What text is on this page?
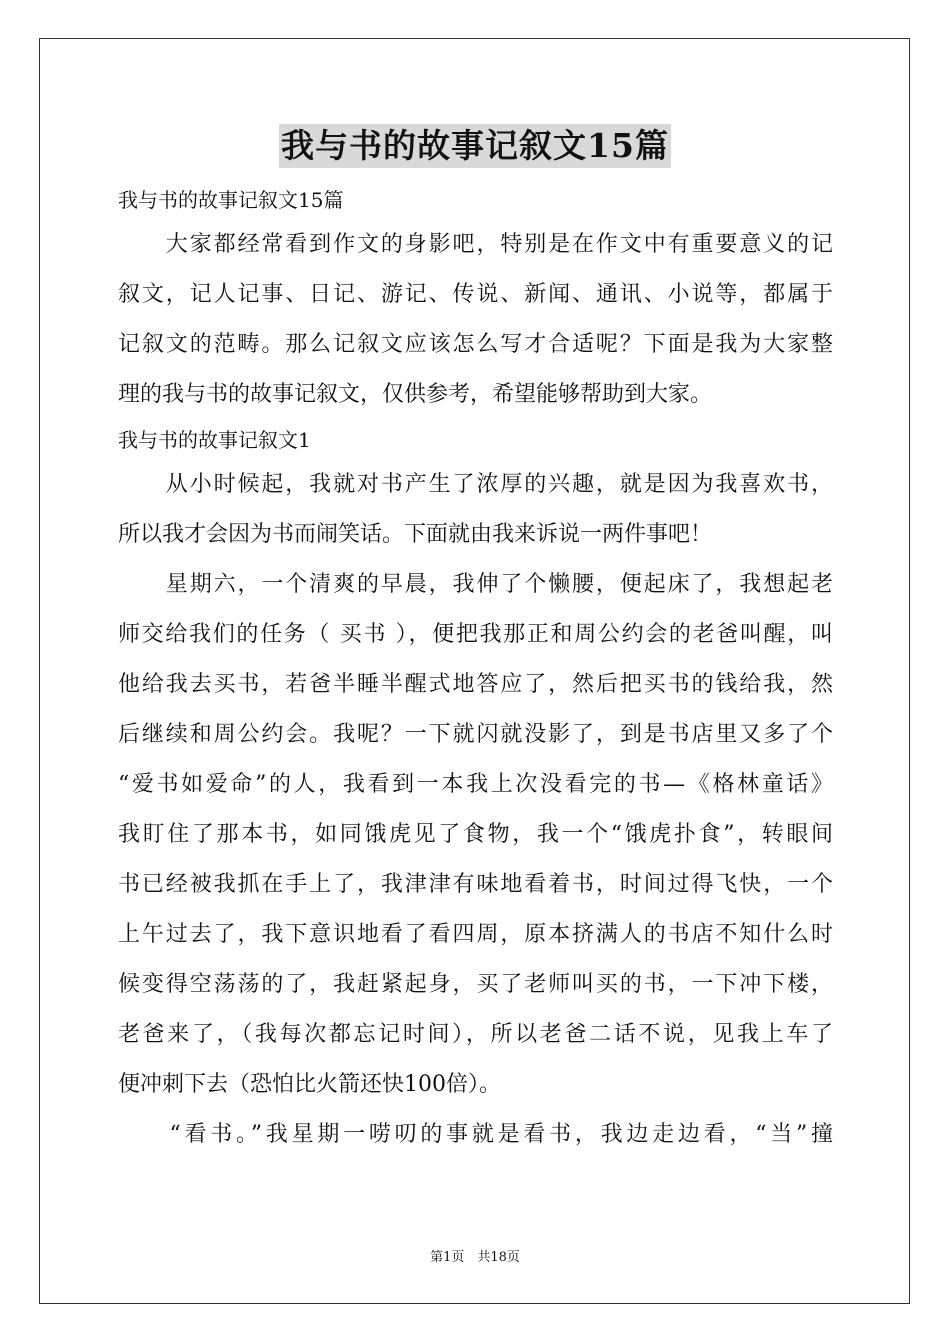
我与书的故事记叙文15篇
我与书的故事记叙文15篇
　　大家都经常看到作文的身影吧，特别是在作文中有重要意义的记
叙文，记人记事、日记、游记、传说、新闻、通讯、小说等，都属于
记叙文的范畴。那么记叙文应该怎么写才合适呢？下面是我为大家整
理的我与书的故事记叙文，仅供参考，希望能够帮助到大家。
我与书的故事记叙文1
　　从小时候起，我就对书产生了浓厚的兴趣，就是因为我喜欢书，
所以我才会因为书而闹笑话。下面就由我来诉说一两件事吧！
　　星期六，一个清爽的早晨，我伸了个懒腰，便起床了，我想起老
师交给我们的任务（ 买书 ），便把我那正和周公约会的老爸叫醒，叫
他给我去买书，若爸半睡半醒式地答应了，然后把买书的钱给我，然
后继续和周公约会。我呢？一下就闪就没影了，到是书店里又多了个
“爱书如爱命”的人，我看到一本我上次没看完的书—《格林童话》
我盯住了那本书，如同饿虎见了食物，我一个“饿虎扑食”，转眼间
书已经被我抓在手上了，我津津有味地看着书，时间过得飞快，一个
上午过去了，我下意识地看了看四周，原本挤满人的书店不知什么时
候变得空荡荡的了，我赶紧起身，买了老师叫买的书，一下冲下楼，
老爸来了，（我每次都忘记时间），所以老爸二话不说，见我上车了
便冲刺下去（恐怕比火箭还快100倍）。
　　“看书。”我星期一唠叨的事就是看书，我边走边看，“当”撞
第1页　共18页
